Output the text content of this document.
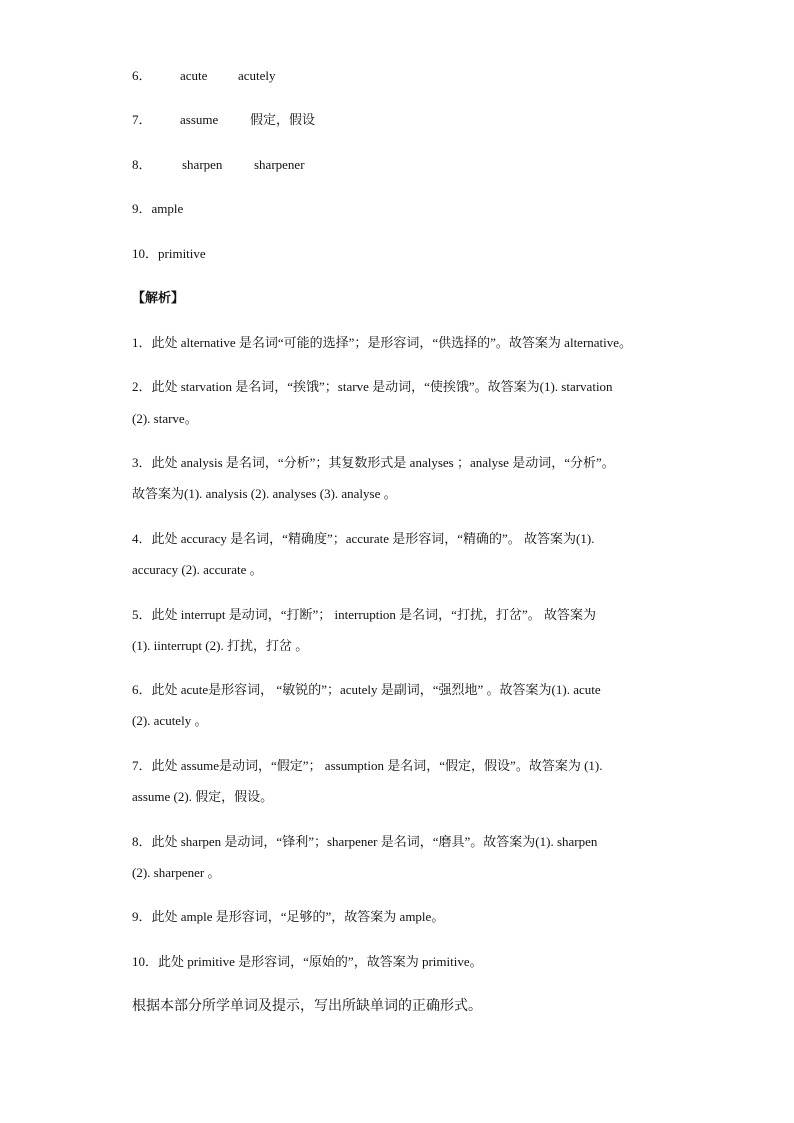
6． acute acutely
7． assume 假定，假设
8． sharpen sharpener
9．ample
10．primitive
【解析】
1．此处 alternative 是名词“可能的选择”；是形容词，“供选择的”。故答案为 alternative。
2．此处 starvation 是名词，“挨饿”；starve 是动词，“使挨饿”。故答案为(1). starvation
(2). starve。
3．此处 analysis 是名词，“分析”；其复数形式是 analyses ；analyse 是动词，“分析”。
故答案为(1). analysis (2). analyses (3). analyse 。
4．此处 accuracy 是名词，“精确度”；accurate 是形容词，“精确的”。 故答案为(1).
accuracy (2). accurate 。
5．此处 interrupt 是动词，“打断”； interruption 是名词，“打扰，打岔”。 故答案为
(1). iinterrupt (2). 打扰，打岔 。
6．此处 acute是形容词， “敏锐的”；acutely 是副词，“强烈地” 。故答案为(1). acute
(2). acutely 。
7．此处 assume是动词，“假定”； assumption 是名词，“假定，假设”。故答案为 (1).
assume (2). 假定，假设。
8．此处 sharpen 是动词，“锋利”；sharpener 是名词，“磨具”。故答案为(1). sharpen
(2). sharpener 。
9．此处 ample 是形容词，“足够的”，故答案为 ample。
10．此处 primitive 是形容词，“原始的”，故答案为 primitive。
根据本部分所学单词及提示，写出所缺单词的正确形式。
